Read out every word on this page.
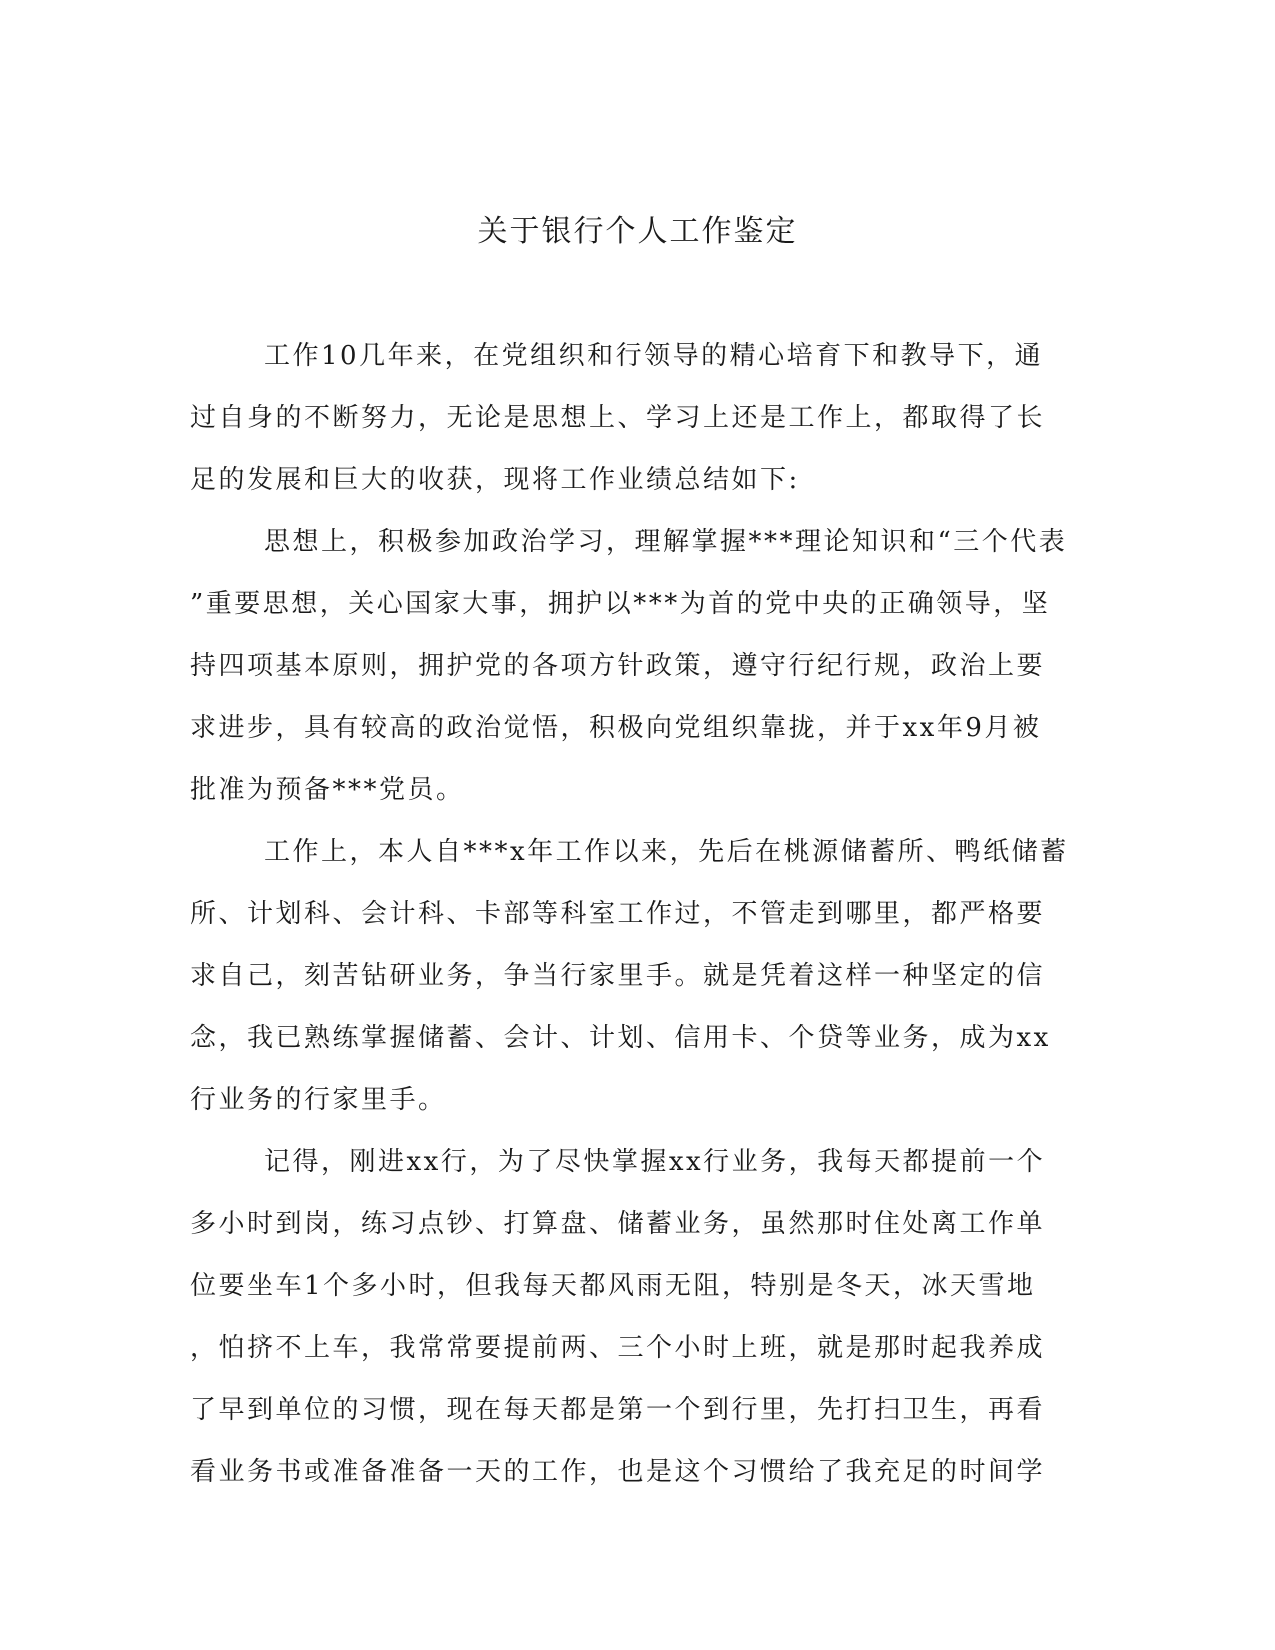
关于银行个人工作鉴定
工作10几年来，在党组织和行领导的精心培育下和教导下，通
过自身的不断努力，无论是思想上、学习上还是工作上，都取得了长
足的发展和巨大的收获，现将工作业绩总结如下:
思想上，积极参加政治学习，理解掌握***理论知识和“三个代表
”重要思想，关心国家大事，拥护以***为首的党中央的正确领导，坚
持四项基本原则，拥护党的各项方针政策，遵守行纪行规，政治上要
求进步，具有较高的政治觉悟，积极向党组织靠拢，并于xx年9月被
批准为预备***党员。
工作上，本人自***x年工作以来，先后在桃源储蓄所、鸭纸储蓄
所、计划科、会计科、卡部等科室工作过，不管走到哪里，都严格要
求自己，刻苦钻研业务，争当行家里手。就是凭着这样一种坚定的信
念，我已熟练掌握储蓄、会计、计划、信用卡、个贷等业务，成为xx
行业务的行家里手。
记得，刚进xx行，为了尽快掌握xx行业务，我每天都提前一个
多小时到岗，练习点钞、打算盘、储蓄业务，虽然那时住处离工作单
位要坐车1个多小时，但我每天都风雨无阻，特别是冬天，冰天雪地
，怕挤不上车，我常常要提前两、三个小时上班，就是那时起我养成
了早到单位的习惯，现在每天都是第一个到行里，先打扫卫生，再看
看业务书或准备准备一天的工作，也是这个习惯给了我充足的时间学
